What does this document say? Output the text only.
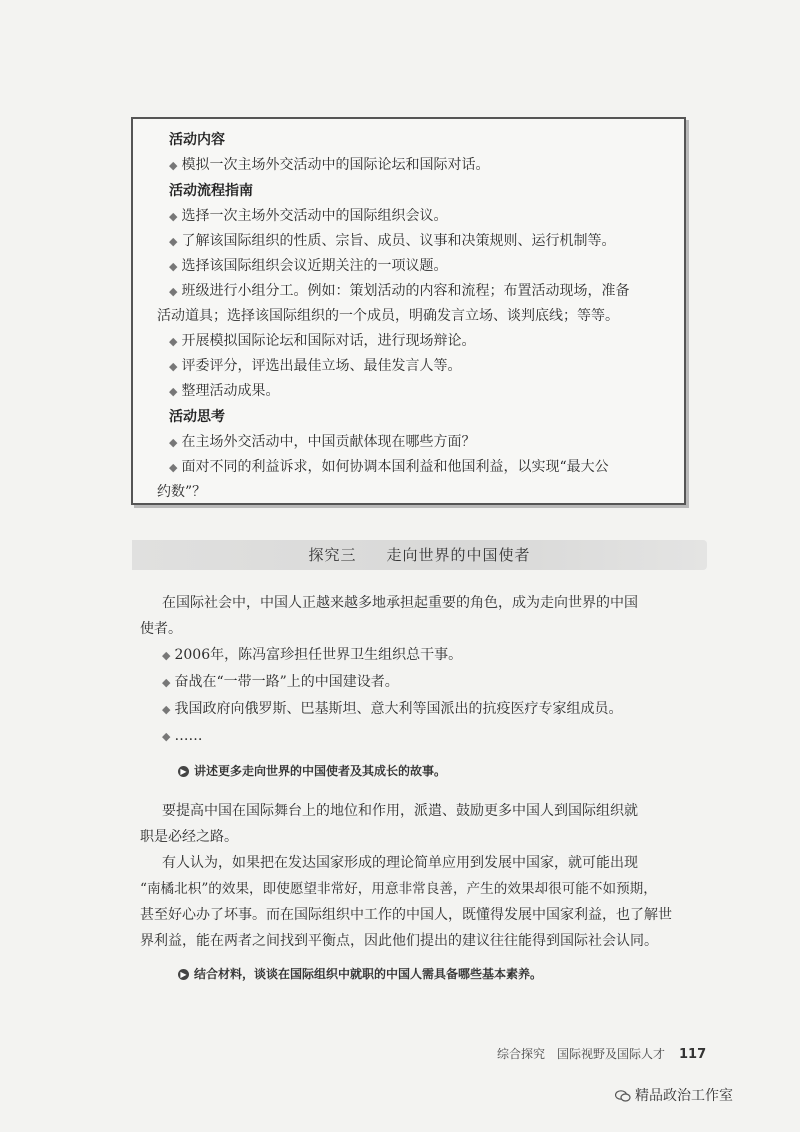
活动内容
◆ 模拟一次主场外交活动中的国际论坛和国际对话。
活动流程指南
◆ 选择一次主场外交活动中的国际组织会议。
◆ 了解该国际组织的性质、宗旨、成员、议事和决策规则、运行机制等。
◆ 选择该国际组织会议近期关注的一项议题。
◆ 班级进行小组分工。例如：策划活动的内容和流程；布置活动现场，准备
活动道具；选择该国际组织的一个成员，明确发言立场、谈判底线；等等。
◆ 开展模拟国际论坛和国际对话，进行现场辩论。
◆ 评委评分，评选出最佳立场、最佳发言人等。
◆ 整理活动成果。
活动思考
◆ 在主场外交活动中，中国贡献体现在哪些方面？
◆ 面对不同的利益诉求，如何协调本国利益和他国利益，以实现“最大公
约数”？
探究三 走向世界的中国使者
在国际社会中，中国人正越来越多地承担起重要的角色，成为走向世界的中国
使者。
◆ 2006年，陈冯富珍担任世界卫生组织总干事。
◆ 奋战在“一带一路”上的中国建设者。
◆ 我国政府向俄罗斯、巴基斯坦、意大利等国派出的抗疫医疗专家组成员。
◆ ……
▶ 讲述更多走向世界的中国使者及其成长的故事。
要提高中国在国际舞台上的地位和作用，派遣、鼓励更多中国人到国际组织就
职是必经之路。
有人认为，如果把在发达国家形成的理论简单应用到发展中国家，就可能出现
“南橘北枳”的效果，即使愿望非常好，用意非常良善，产生的效果却很可能不如预期，
甚至好心办了坏事。而在国际组织中工作的中国人，既懂得发展中国家利益，也了解世
界利益，能在两者之间找到平衡点，因此他们提出的建议往往能得到国际社会认同。
▶ 结合材料，谈谈在国际组织中就职的中国人需具备哪些基本素养。
综合探究　国际视野及国际人才 117
精品政治工作室
